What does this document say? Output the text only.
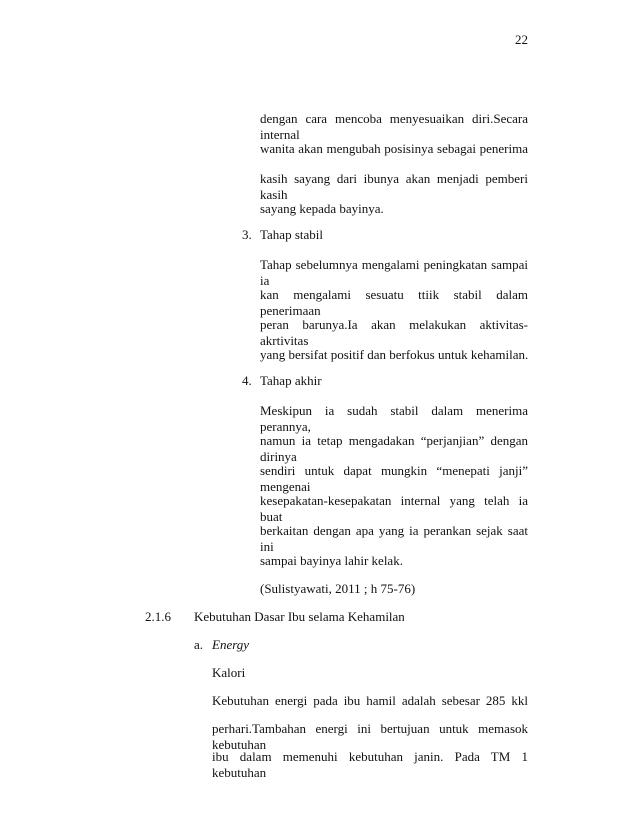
22
dengan cara mencoba menyesuaikan diri.Secara internal
wanita akan mengubah posisinya sebagai penerima
kasih sayang dari ibunya akan menjadi pemberi kasih
sayang kepada bayinya.
3. Tahap stabil
Tahap sebelumnya mengalami peningkatan sampai ia
kan mengalami sesuatu ttiik stabil dalam penerimaan
peran barunya.Ia akan melakukan aktivitas-akrtivitas
yang bersifat positif dan berfokus untuk kehamilan.
4. Tahap akhir
Meskipun ia sudah stabil dalam menerima perannya,
namun ia tetap mengadakan “perjanjian” dengan dirinya
sendiri untuk dapat mungkin “menepati janji” mengenai
kesepakatan-kesepakatan internal yang telah ia buat
berkaitan dengan apa yang ia perankan sejak saat ini
sampai bayinya lahir kelak.
(Sulistyawati, 2011 ; h 75-76)
2.1.6 Kebutuhan Dasar Ibu selama Kehamilan
a. Energy
Kalori
Kebutuhan energi pada ibu hamil adalah sebesar 285 kkl
perhari.Tambahan energi ini bertujuan untuk memasok kebutuhan
ibu dalam memenuhi kebutuhan janin. Pada TM 1 kebutuhan
